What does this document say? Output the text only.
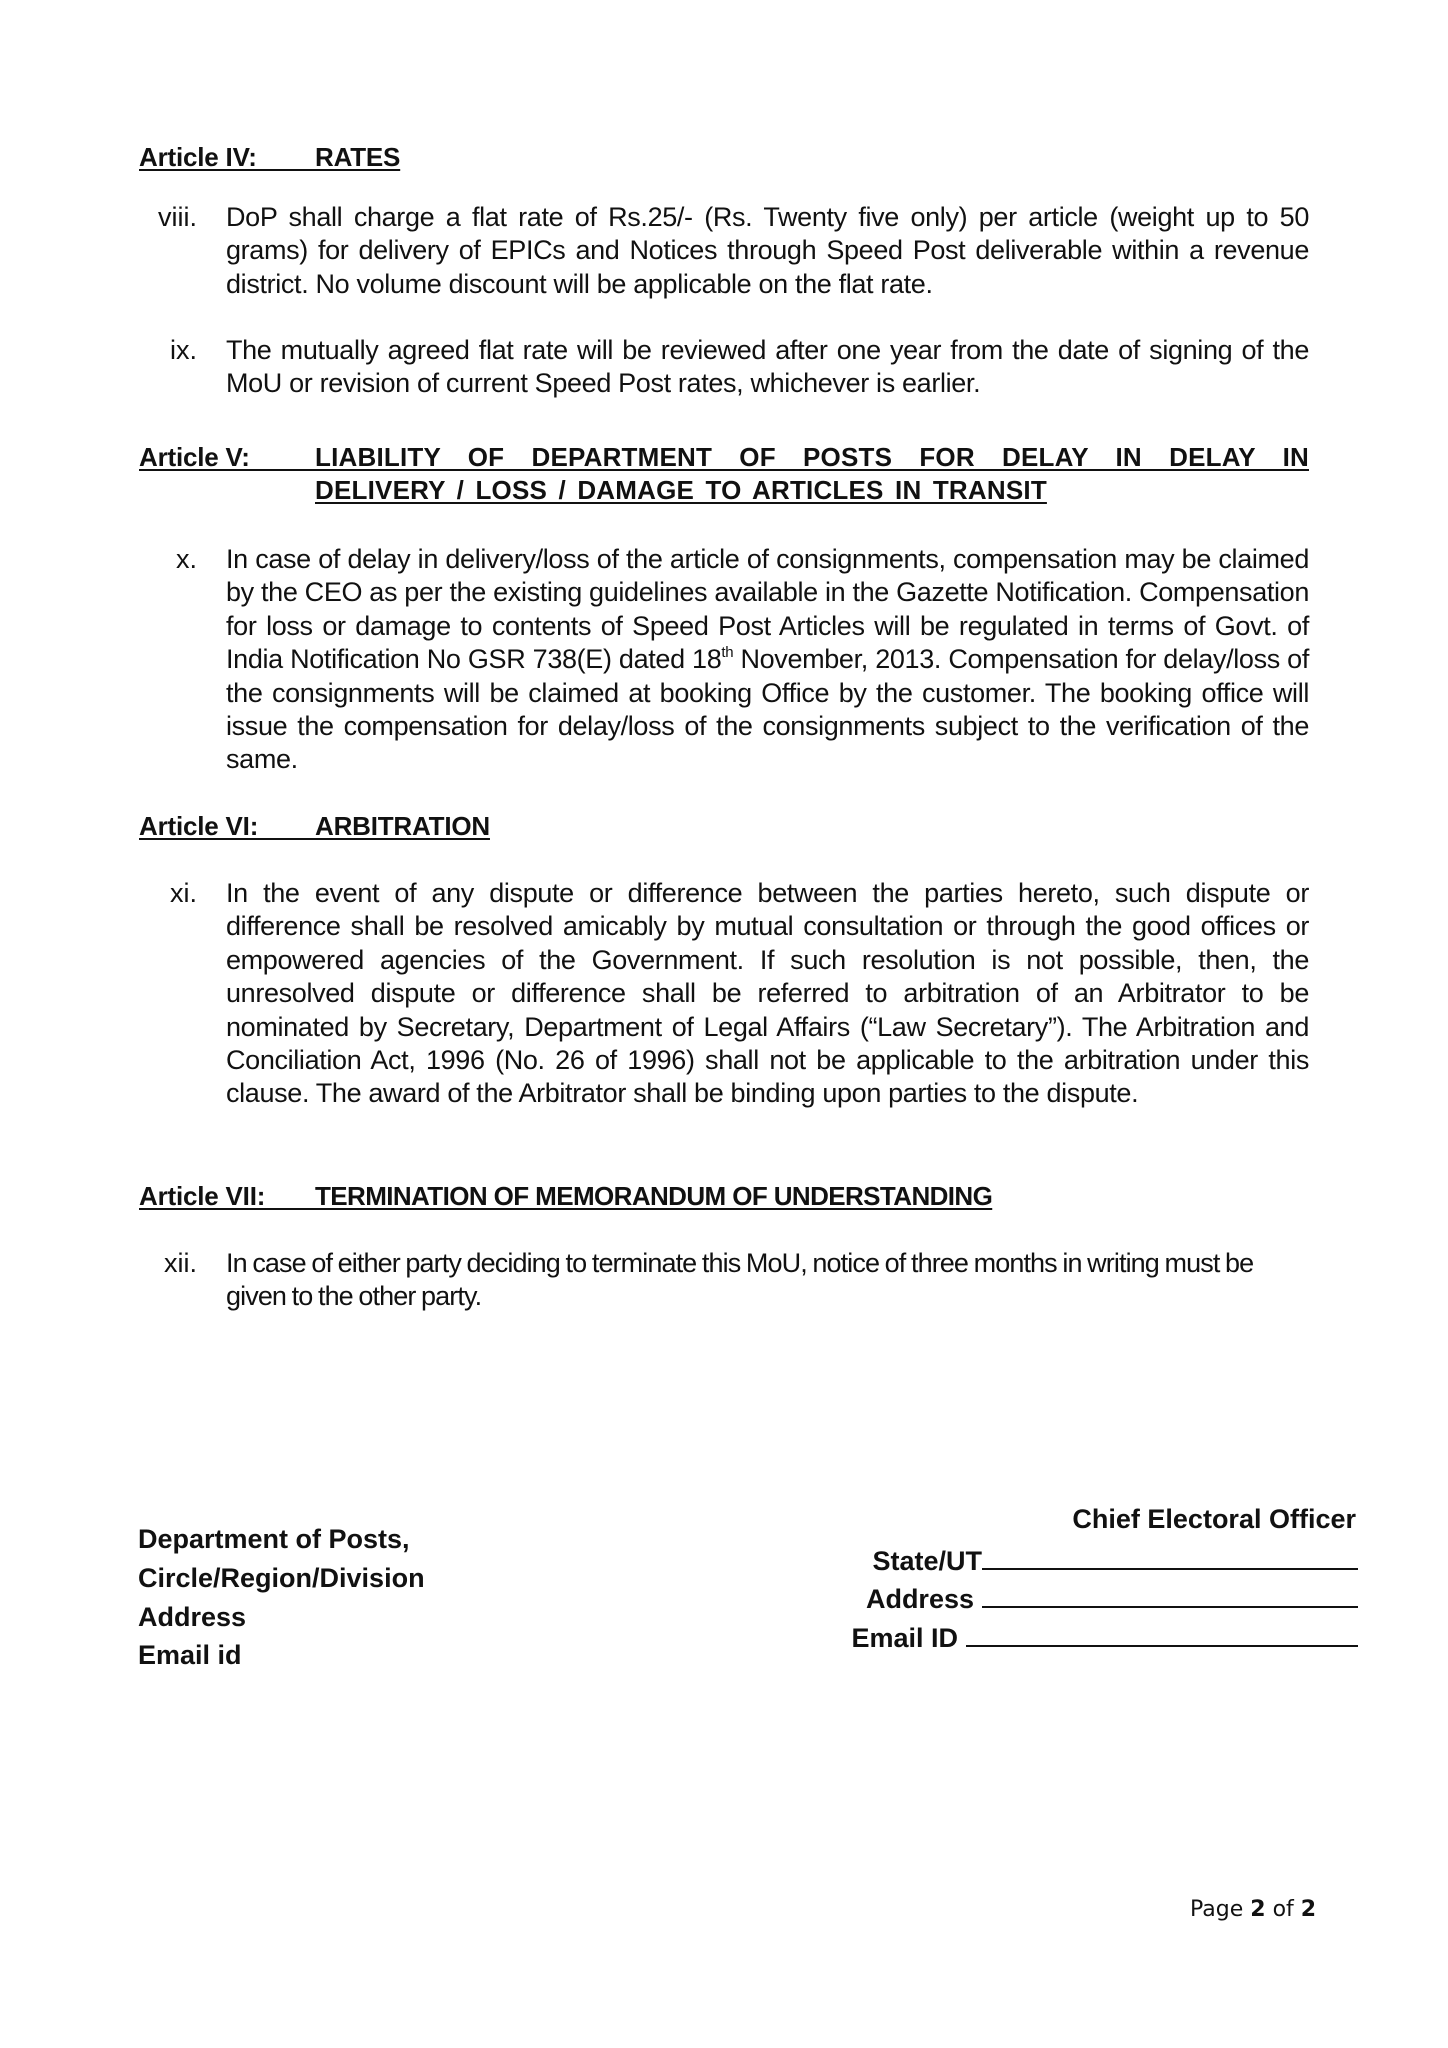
Article IV: RATES
viii. DoP shall charge a flat rate of Rs.25/- (Rs. Twenty five only) per article (weight up to 50 grams) for delivery of EPICs and Notices through Speed Post deliverable within a revenue district. No volume discount will be applicable on the flat rate.
ix. The mutually agreed flat rate will be reviewed after one year from the date of signing of the MoU or revision of current Speed Post rates, whichever is earlier.
Article V:	LIABILITY OF DEPARTMENT OF POSTS FOR DELAY IN DELAY IN DELIVERY / LOSS / DAMAGE TO ARTICLES IN TRANSIT
x. In case of delay in delivery/loss of the article of consignments, compensation may be claimed by the CEO as per the existing guidelines available in the Gazette Notification. Compensation for loss or damage to contents of Speed Post Articles will be regulated in terms of Govt. of India Notification No GSR 738(E) dated 18th November, 2013. Compensation for delay/loss of the consignments will be claimed at booking Office by the customer. The booking office will issue the compensation for delay/loss of the consignments subject to the verification of the same.
Article VI: ARBITRATION
xi. In the event of any dispute or difference between the parties hereto, such dispute or difference shall be resolved amicably by mutual consultation or through the good offices or empowered agencies of the Government. If such resolution is not possible, then, the unresolved dispute or difference shall be referred to arbitration of an Arbitrator to be nominated by Secretary, Department of Legal Affairs (“Law Secretary”). The Arbitration and Conciliation Act, 1996 (No. 26 of 1996) shall not be applicable to the arbitration under this clause. The award of the Arbitrator shall be binding upon parties to the dispute.
Article VII: TERMINATION OF MEMORANDUM OF UNDERSTANDING
xii. In case of either party deciding to terminate this MoU, notice of three months in writing must be given to the other party.
Department of Posts,
Circle/Region/Division
Address
Email id
Chief Electoral Officer
State/UT
Address
Email ID
Page 2 of 2
